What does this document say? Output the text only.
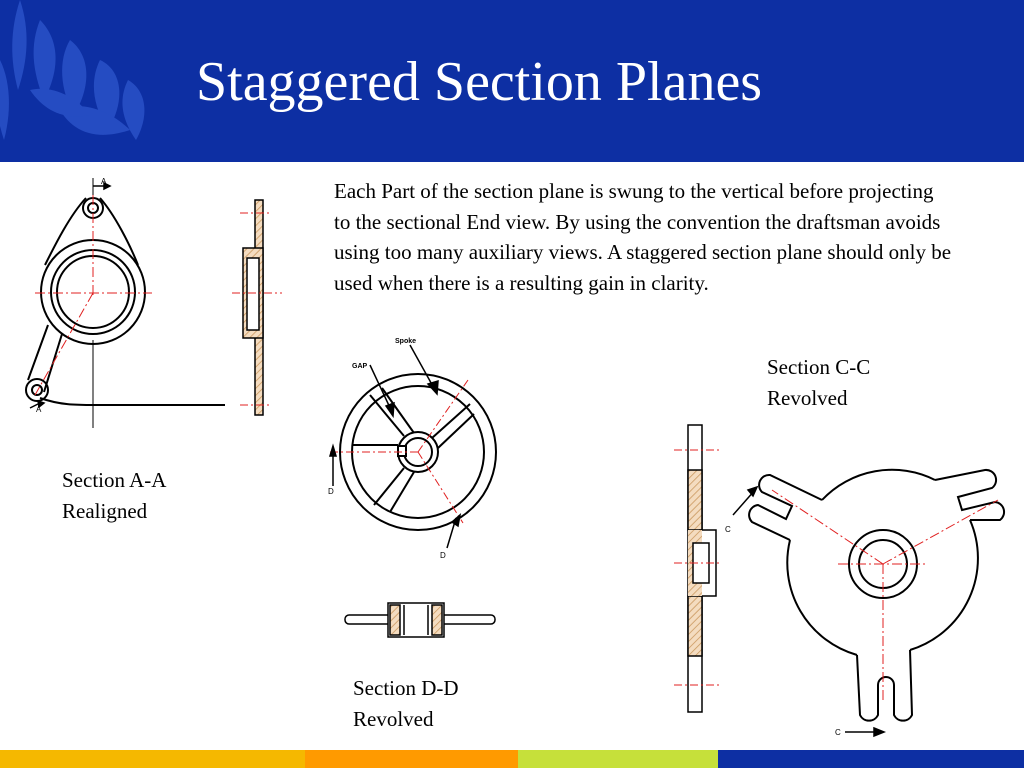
Staggered Section Planes
Each Part of the section plane is swung to the vertical before projecting to the sectional End view. By using the convention the draftsman avoids using too many auxiliary views. A staggered section plane should only be used when there is a resulting gain in clarity.
Section A-A
Realigned
Section D-D
Revolved
Section C-C
Revolved
A
A
GAP
Spoke
D
D
C
C
